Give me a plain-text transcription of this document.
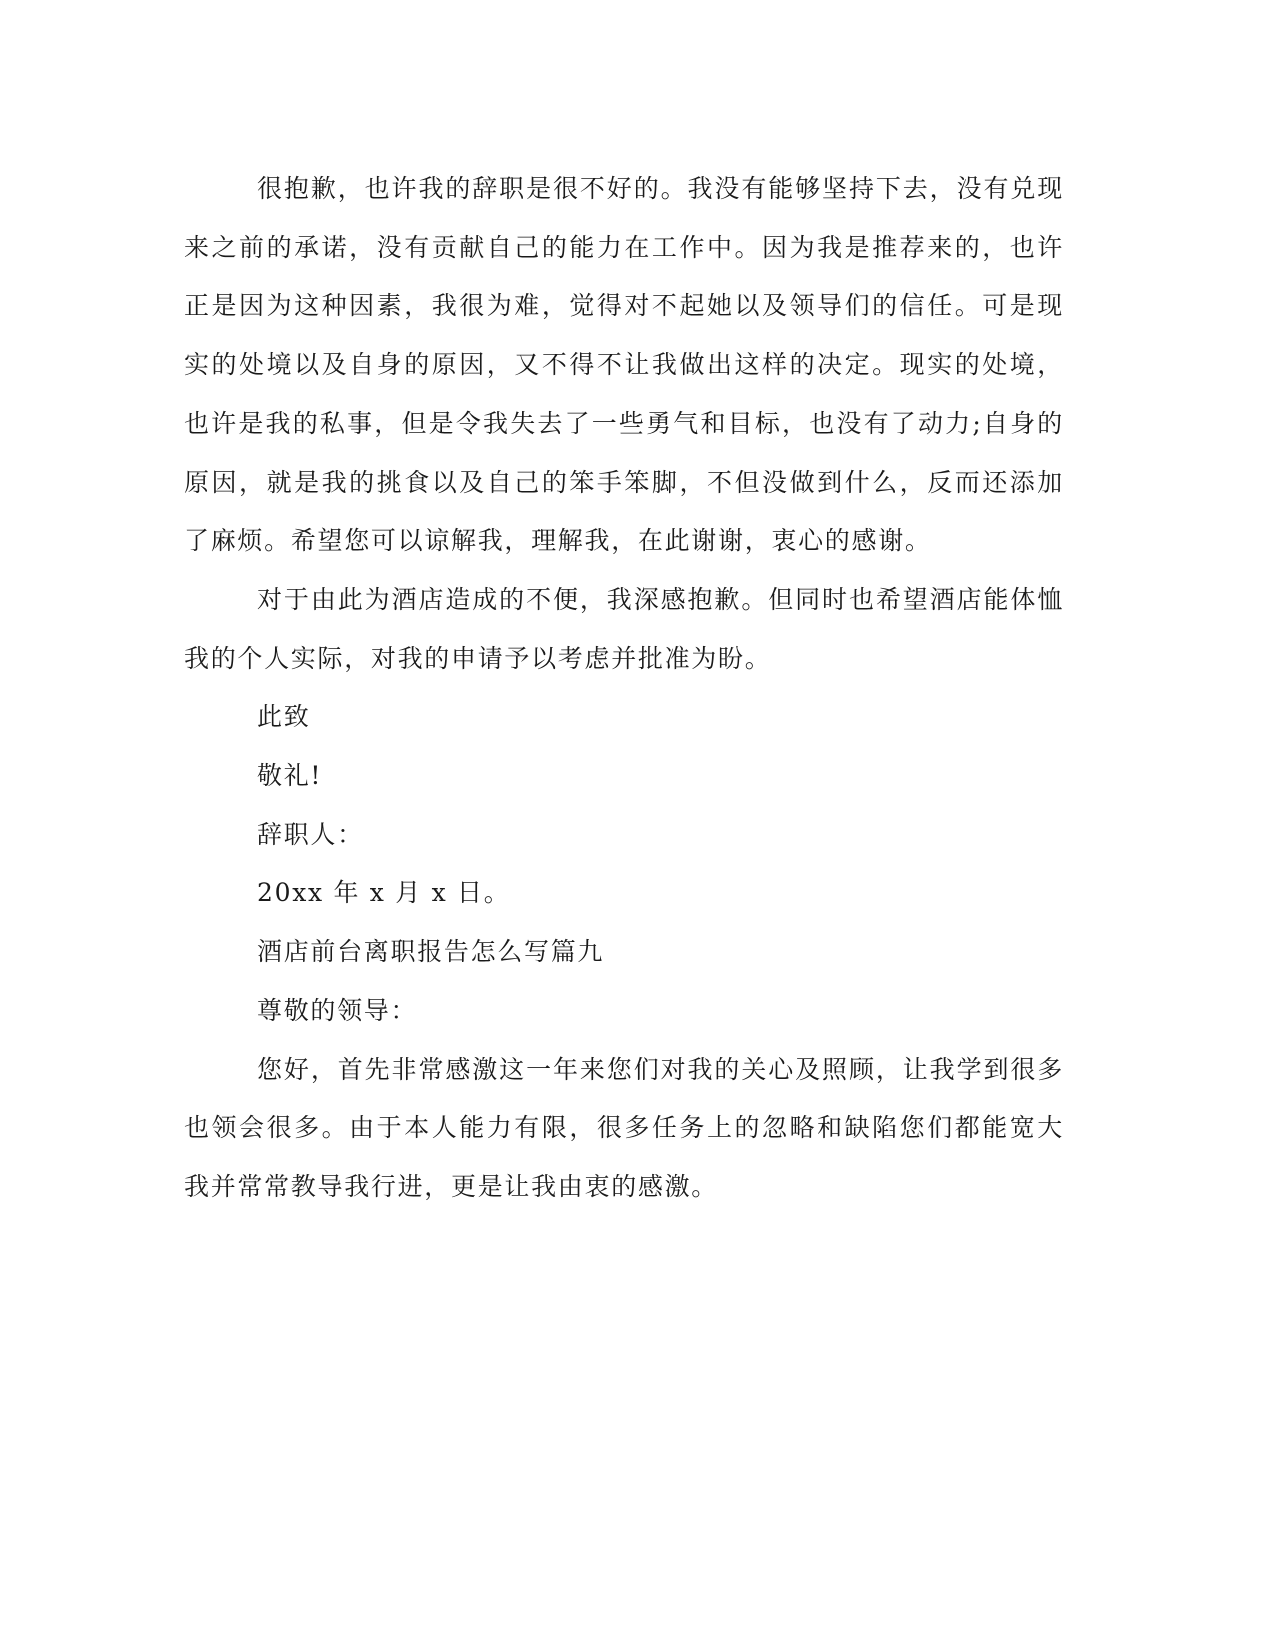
很抱歉，也许我的辞职是很不好的。我没有能够坚持下去，没有兑现来之前的承诺，没有贡献自己的能力在工作中。因为我是推荐来的，也许正是因为这种因素，我很为难，觉得对不起她以及领导们的信任。可是现实的处境以及自身的原因，又不得不让我做出这样的决定。现实的处境，也许是我的私事，但是令我失去了一些勇气和目标，也没有了动力;自身的原因，就是我的挑食以及自己的笨手笨脚，不但没做到什么，反而还添加了麻烦。希望您可以谅解我，理解我，在此谢谢，衷心的感谢。

对于由此为酒店造成的不便，我深感抱歉。但同时也希望酒店能体恤我的个人实际，对我的申请予以考虑并批准为盼。

此致

敬礼!

辞职人：

20xx 年 x 月 x 日。

酒店前台离职报告怎么写篇九

尊敬的领导：

您好，首先非常感激这一年来您们对我的关心及照顾，让我学到很多也领会很多。由于本人能力有限，很多任务上的忽略和缺陷您们都能宽大我并常常教导我行进，更是让我由衷的感激。
